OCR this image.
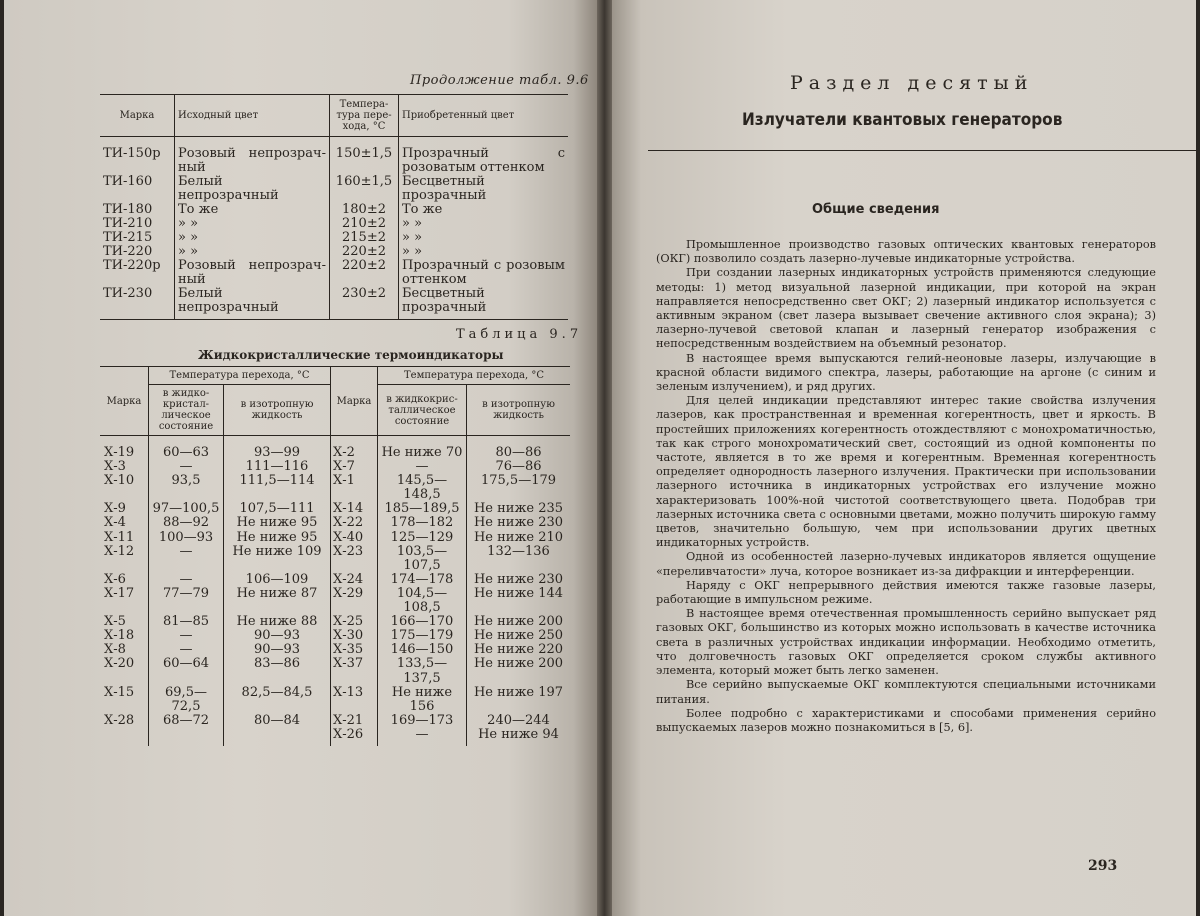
Продолжение табл. 9.6
Марка	Исходный цвет	Темпера-тура пере-хода, °С	Приобретенный цвет
ТИ-150р	Розовый непрозрач-ный	150±1,5	Прозрачный с розоватым оттенком
ТИ-160	Белый непрозрачный	160±1,5	Бесцветный прозрачный
ТИ-180	То же	180±2	То же
ТИ-210	» »	210±2	» »
ТИ-215	» »	215±2	» »
ТИ-220	» »	220±2	» »
ТИ-220р	Розовый непрозрач-ный	220±2	Прозрачный с розовым оттенком
ТИ-230	Белый непрозрачный	230±2	Бесцветный прозрачный
Таблица 9.7
Жидкокристаллические термоиндикаторы
Марка	Температура перехода, °С		Марка	Температура перехода, °С	
	в жидко-кристал-лическое состояние	в изотропную жидкость		в жидкокрис-таллическое состояние	в изотропную жидкость
Х-19	60—63	93—99	Х-2	Не ниже 70	80—86
Х-3	—	111—116	Х-7	—	76—86
Х-10	93,5	111,5—114	Х-1	145,5—148,5	175,5—179
Х-9	97—100,5	107,5—111	Х-14	185—189,5	Не ниже 235
Х-4	88—92	Не ниже 95	Х-22	178—182	Не ниже 230
Х-11	100—93	Не ниже 95	Х-40	125—129	Не ниже 210
Х-12	—	Не ниже 109	Х-23	103,5—107,5	132—136
Х-6	—	106—109	Х-24	174—178	Не ниже 230
Х-17	77—79	Не ниже 87	Х-29	104,5—108,5	Не ниже 144
Х-5	81—85	Не ниже 88	Х-25	166—170	Не ниже 200
Х-18	—	90—93	Х-30	175—179	Не ниже 250
Х-8	—	90—93	Х-35	146—150	Не ниже 220
Х-20	60—64	83—86	Х-37	133,5—137,5	Не ниже 200
Х-15	69,5—72,5	82,5—84,5	Х-13	Не ниже 156	Не ниже 197
Х-28	68—72	80—84	Х-21	169—173	240—244
			Х-26	—	Не ниже 94
Раздел десятый
Излучатели квантовых генераторов
Общие сведения

Промышленное производство газовых оптических квантовых генераторов (ОКГ) позволило создать лазерно-лучевые индикаторные устройства.

При создании лазерных индикаторных устройств применяются следующие методы: 1) метод визуальной лазерной индикации, при которой на экран направляется непосредственно свет ОКГ; 2) лазерный индикатор используется с активным экраном (свет лазера вызывает свечение активного слоя экрана); 3) лазерно-лучевой световой клапан и лазерный генератор изображения с непосредственным воздействием на объемный резонатор.

В настоящее время выпускаются гелий-неоновые лазеры, излучающие в красной области видимого спектра, лазеры, работающие на аргоне (с синим и зеленым излучением), и ряд других.

Для целей индикации представляют интерес такие свойства излучения лазеров, как пространственная и временная когерентность, цвет и яркость. В простейших приложениях когерентность отождествляют с монохроматичностью, так как строго монохроматический свет, состоящий из одной компоненты по частоте, является в то же время и когерентным. Временная когерентность определяет однородность лазерного излучения. Практически при использовании лазерного источника в индикаторных устройствах его излучение можно характеризовать 100%-ной чистотой соответствующего цвета. Подобрав три лазерных источника света с основными цветами, можно получить широкую гамму цветов, значительно большую, чем при использовании других цветных индикаторных устройств.

Одной из особенностей лазерно-лучевых индикаторов является ощущение «переливчатости» луча, которое возникает из-за дифракции и интерференции.

Наряду с ОКГ непрерывного действия имеются также газовые лазеры, работающие в импульсном режиме.

В настоящее время отечественная промышленность серийно выпускает ряд газовых ОКГ, большинство из которых можно использовать в качестве источника света в различных устройствах индикации информации. Необходимо отметить, что долговечность газовых ОКГ определяется сроком службы активного элемента, который может быть легко заменен.

Все серийно выпускаемые ОКГ комплектуются специальными источниками питания.

Более подробно с характеристиками и способами применения серийно выпускаемых лазеров можно познакомиться в [5, 6].

293
